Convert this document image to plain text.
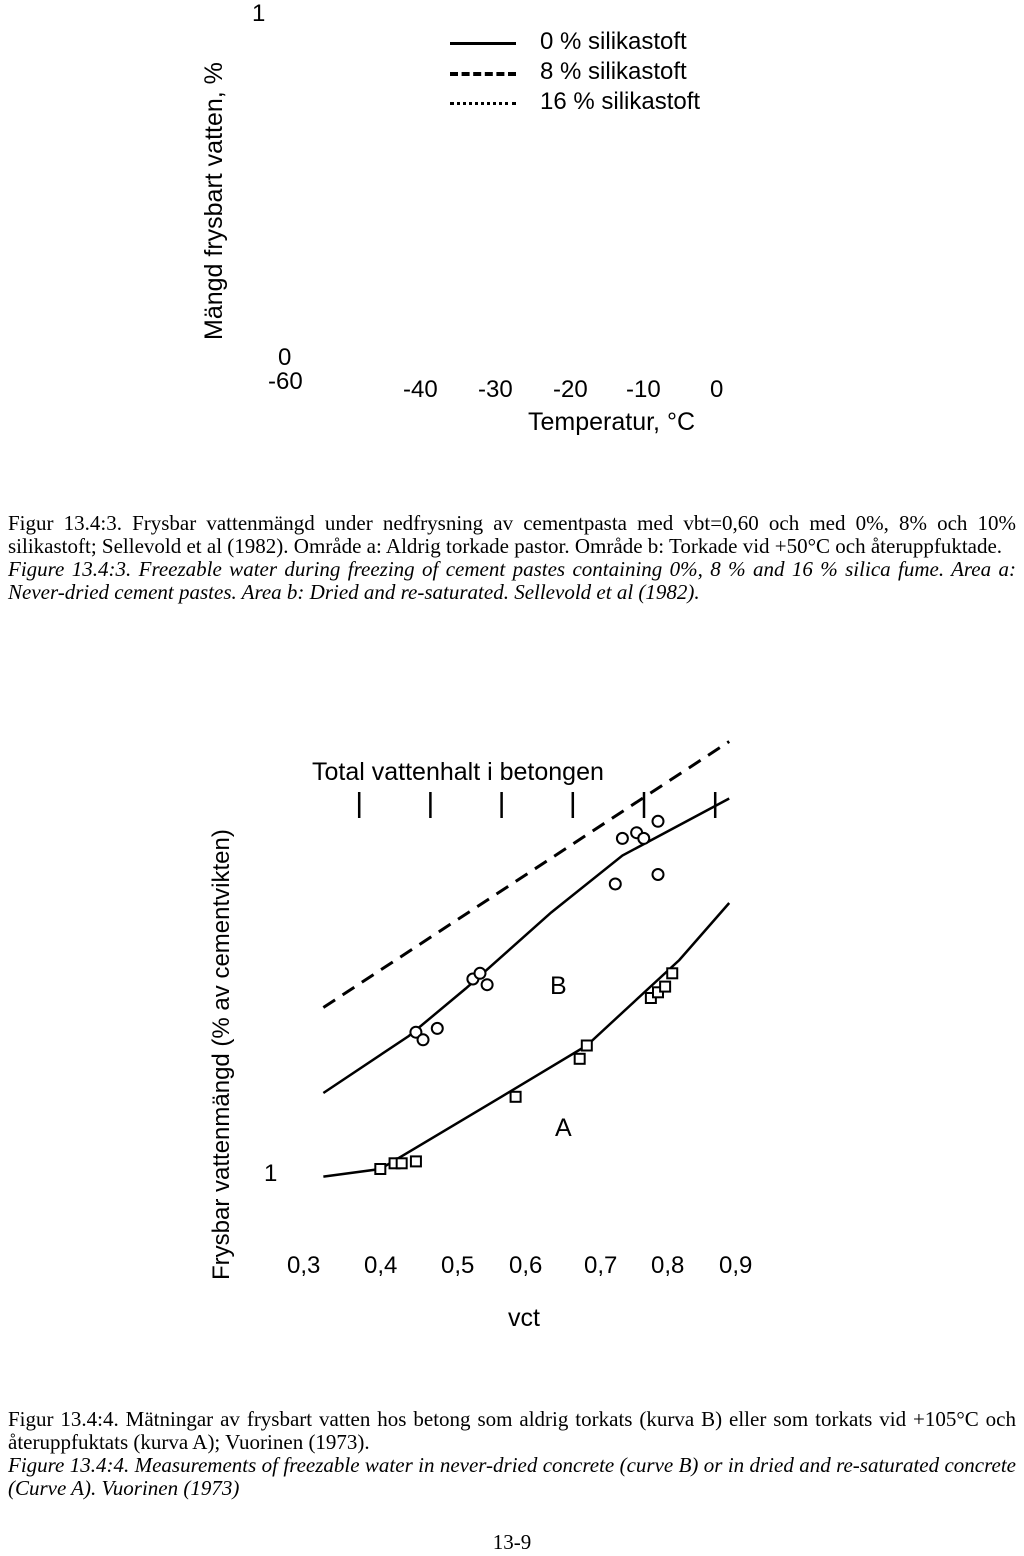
Mängd frysbart vatten, %
1
0
-60	-40 -30 -20 -10 0
Temperatur, °C
0 % silikastoft
8 % silikastoft
16 % silikastoft

Figur 13.4:3. Frysbar vattenmängd under nedfrysning av cementpasta med vbt=0,60 och med 0%, 8% och 10% silikastoft; Sellevold et al (1982). Område a: Aldrig torkade pastor. Område b: Torkade vid +50°C och återuppfuktade.

Figure 13.4:3. Freezable water during freezing of cement pastes containing 0%, 8 % and 16 % silica fume. Area a: Never-dried cement pastes. Area b: Dried and re-saturated. Sellevold et al (1982).

Frysbar vattenmängd (% av cementvikten)
Total vattenhalt i betongen
B
A
1
0,3 0,4 0,5 0,6 0,7 0,8 0,9
vct

Figur 13.4:4. Mätningar av frysbart vatten hos betong som aldrig torkats (kurva B) eller som torkats vid +105°C och återuppfuktats (kurva A); Vuorinen (1973).

Figure 13.4:4. Measurements of freezable water in never-dried concrete (curve B) or in dried and re-saturated concrete (Curve A). Vuorinen (1973)

13-9
